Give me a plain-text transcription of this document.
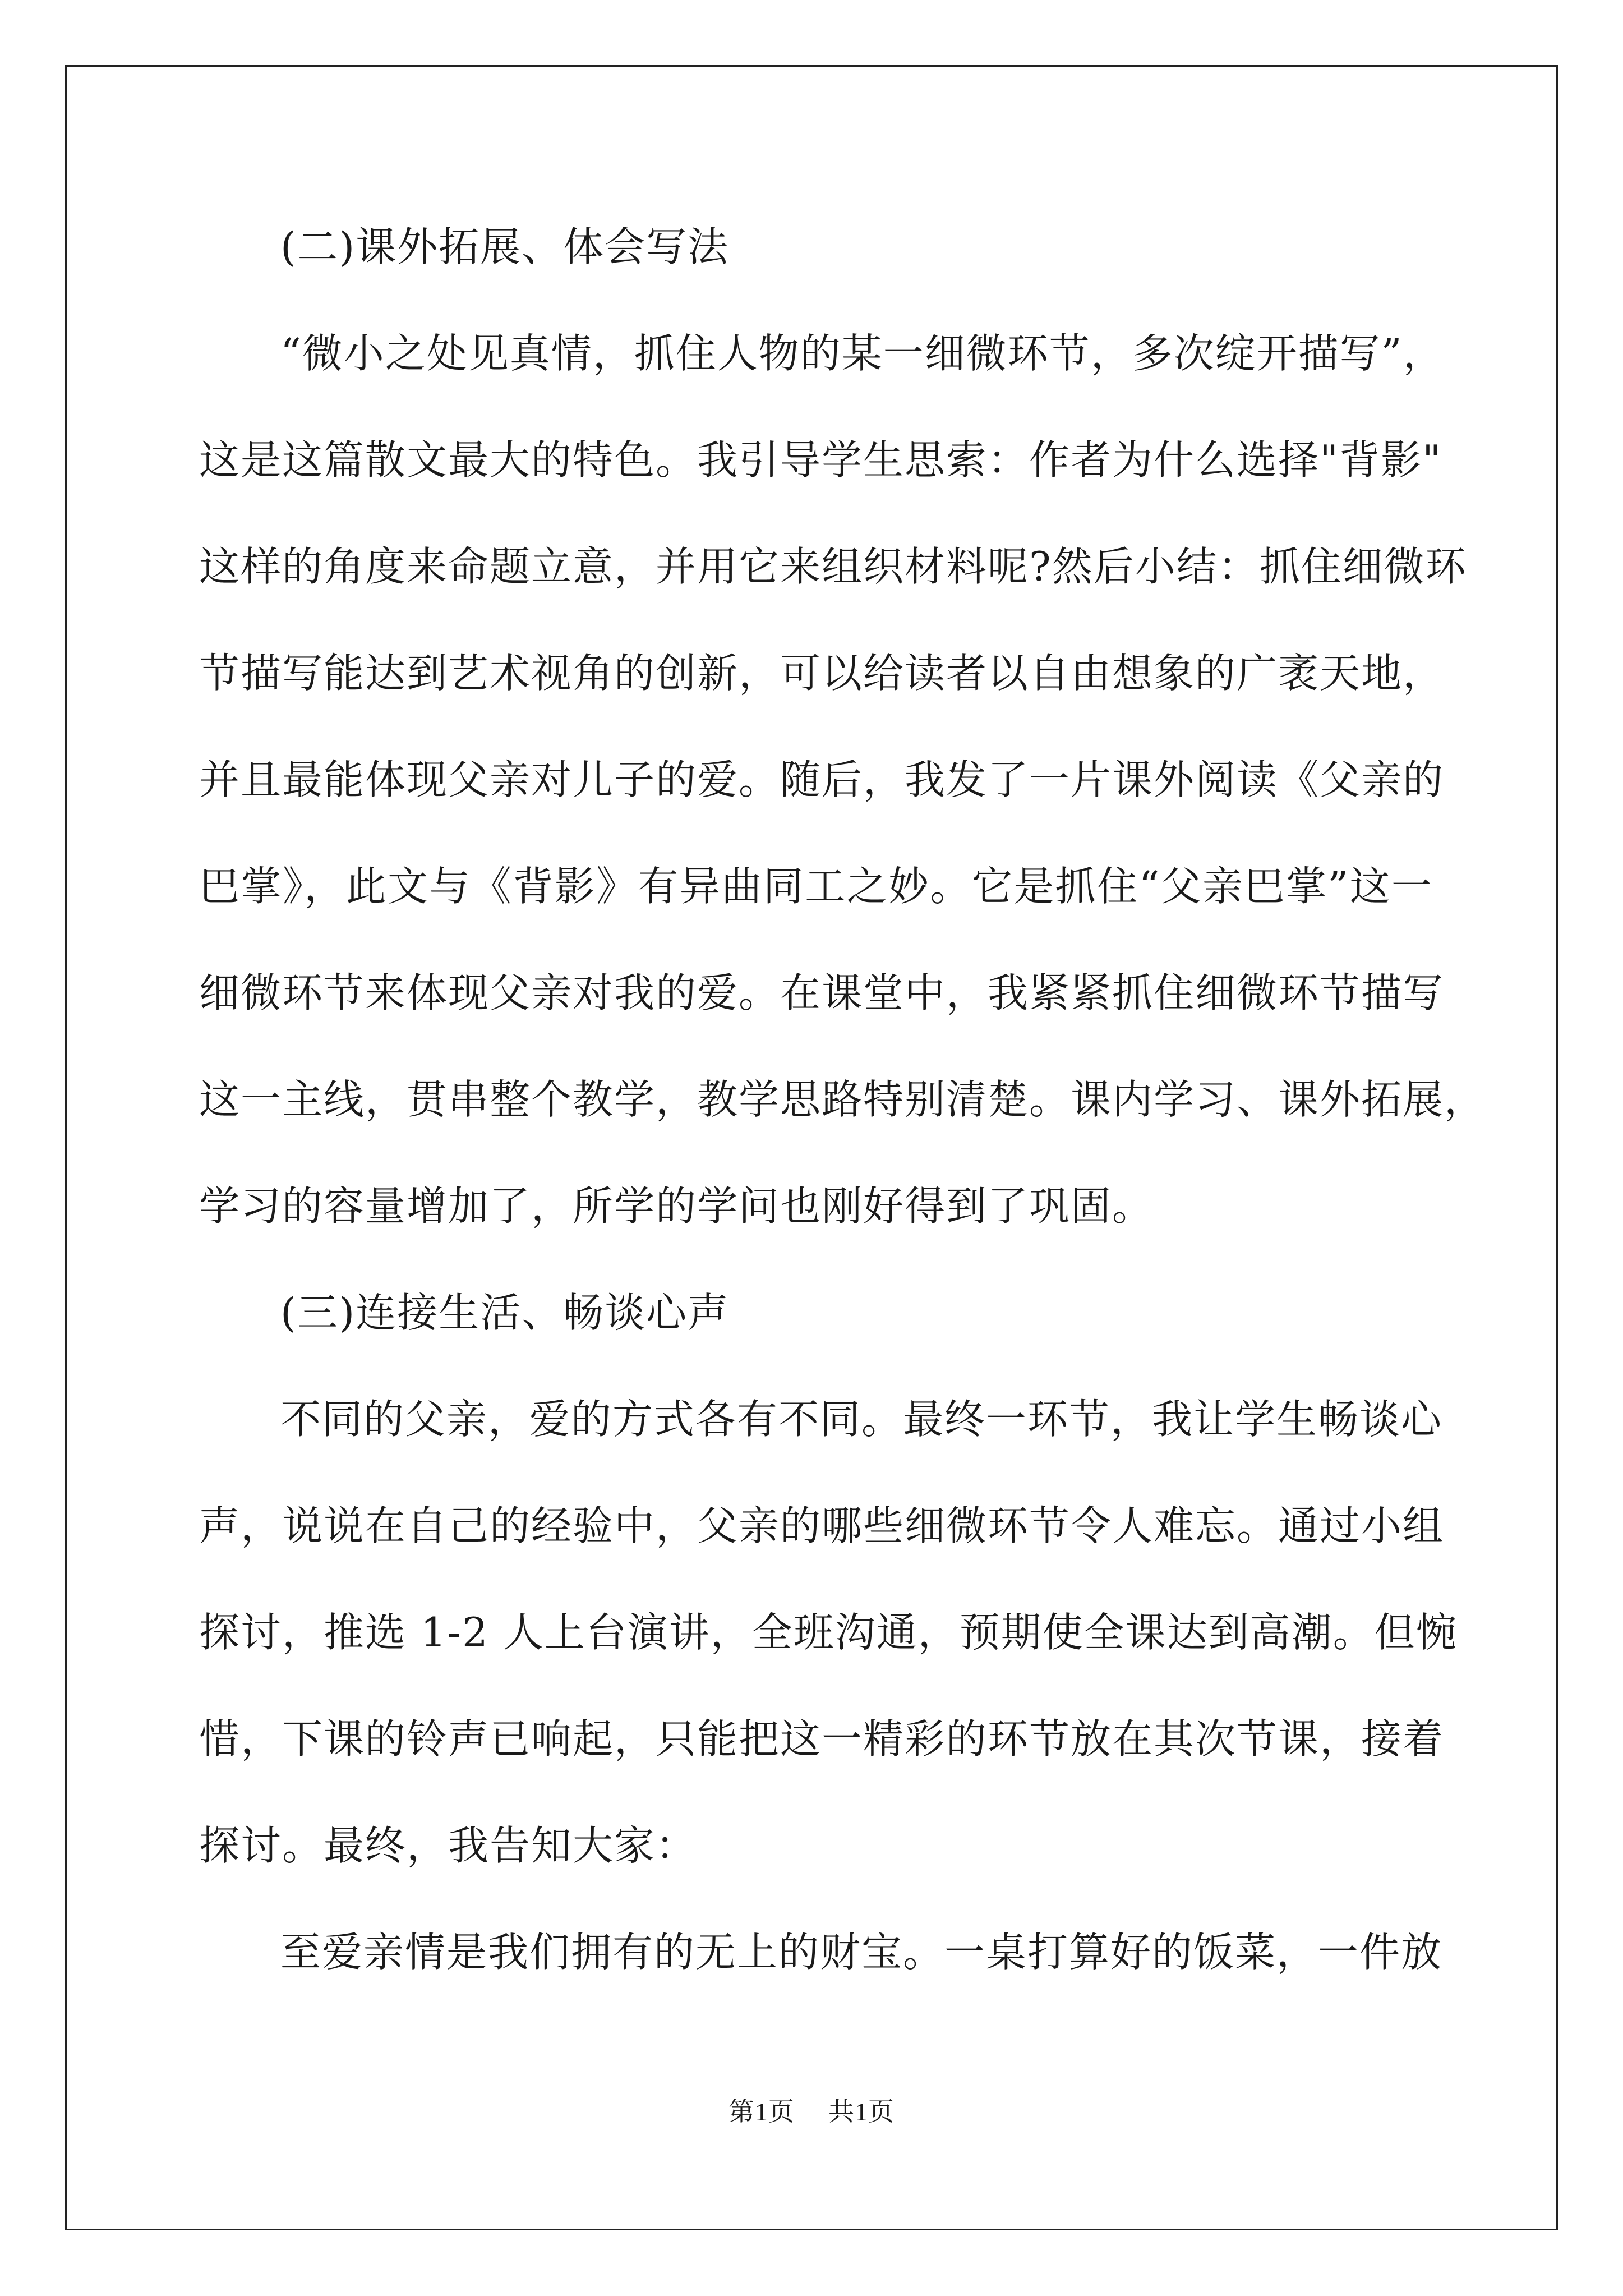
(二)课外拓展、体会写法
“微小之处见真情，抓住人物的某一细微环节，多次绽开描写”，
这是这篇散文最大的特色。我引导学生思索：作者为什么选择"背影"
这样的角度来命题立意，并用它来组织材料呢?然后小结：抓住细微环
节描写能达到艺术视角的创新，可以给读者以自由想象的广袤天地，
并且最能体现父亲对儿子的爱。随后，我发了一片课外阅读《父亲的
巴掌》，此文与《背影》有异曲同工之妙。它是抓住“父亲巴掌”这一
细微环节来体现父亲对我的爱。在课堂中，我紧紧抓住细微环节描写
这一主线，贯串整个教学，教学思路特别清楚。课内学习、课外拓展，
学习的容量增加了，所学的学问也刚好得到了巩固。
(三)连接生活、畅谈心声
不同的父亲，爱的方式各有不同。最终一环节，我让学生畅谈心
声，说说在自己的经验中，父亲的哪些细微环节令人难忘。通过小组
探讨，推选 1-2 人上台演讲，全班沟通，预期使全课达到高潮。但惋
惜，下课的铃声已响起，只能把这一精彩的环节放在其次节课，接着
探讨。最终，我告知大家：
至爱亲情是我们拥有的无上的财宝。一桌打算好的饭菜，一件放
第1页 共1页
